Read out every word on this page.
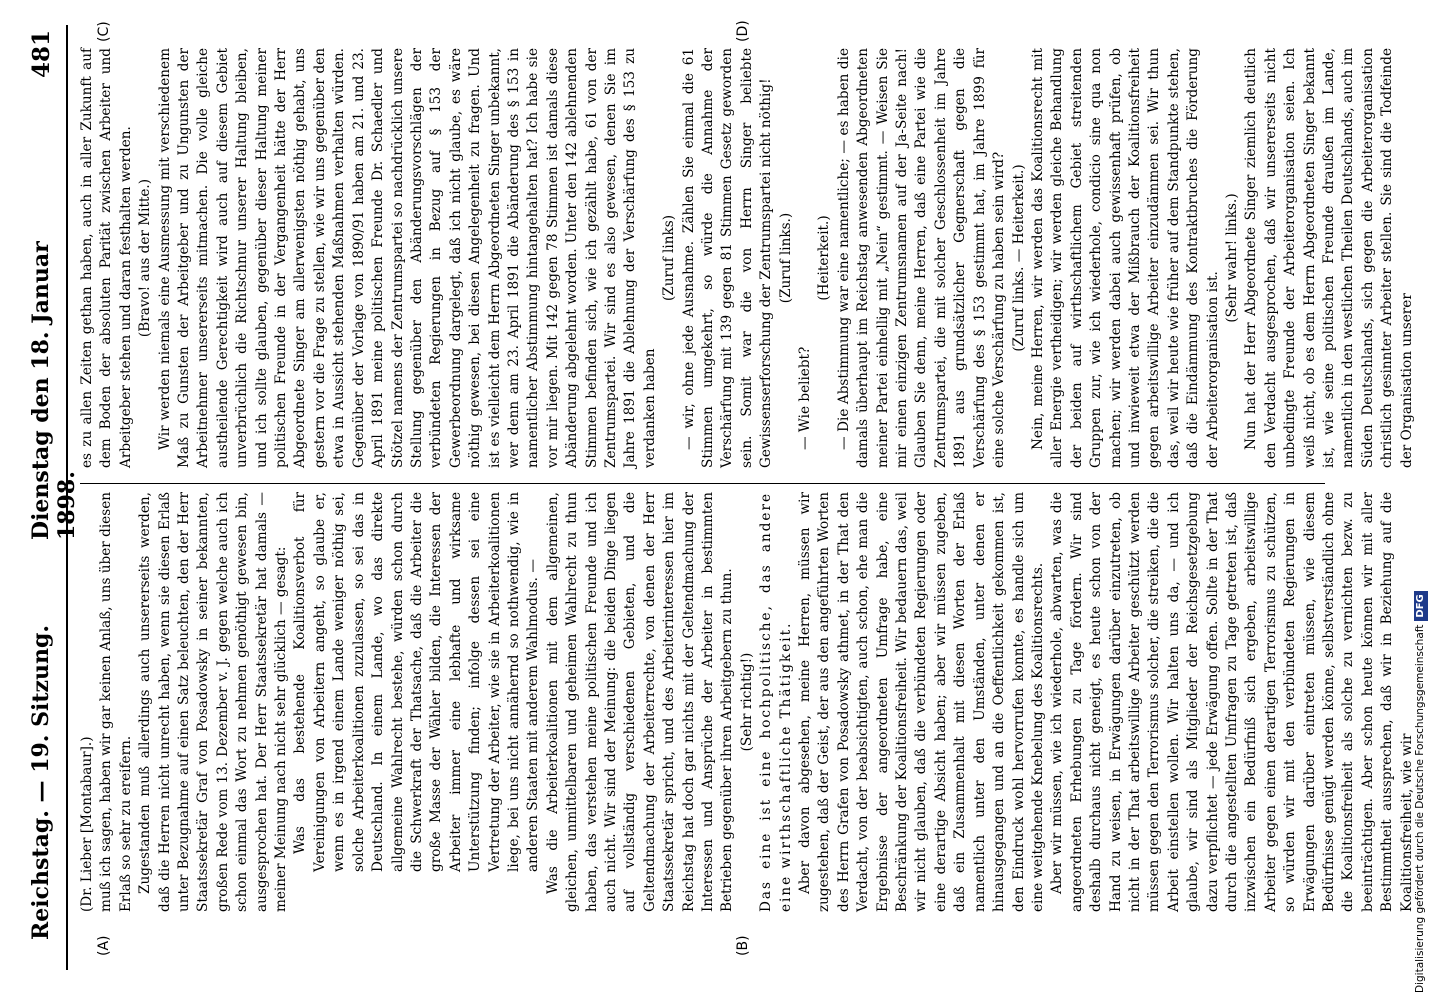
Reichstag. — 19. Sitzung.
Dienstag den 18. Januar 1898.
481
(A)	(B)
(C)	(D)

(Dr. Lieber [Montabaur].) muß ich sagen, haben wir gar keinen Anlaß, uns über diesen Erlaß so sehr zu ereifern. Zugestanden muß allerdings auch unsererseits werden, daß die Herren nicht unrecht haben, wenn sie diesen Erlaß unter Bezugnahme auf einen Satz beleuchten, den der Herr Staatssekretär Graf von Posadowsky in seiner bekannten, großen Rede vom 13. Dezember v. J. gegen welche auch ich schon einmal das Wort zu nehmen genöthigt gewesen bin, ausgesprochen hat. Der Herr Staatssekretär hat damals — meiner Meinung nach nicht sehr glücklich — gesagt: Was das bestehende Koalitionsverbot für Vereinigungen von Arbeitern angeht, so glaube er, wenn es in irgend einem Lande weniger nöthig sei, solche Arbeiterkoalitionen zuzulassen, so sei das in Deutschland. In einem Lande, wo das direkte allgemeine Wahlrecht bestehe, würden schon durch die Schwerkraft der Thatsache, daß die Arbeiter die große Masse der Wähler bilden, die Interessen der Arbeiter immer eine lebhafte und wirksame Unterstützung finden; infolge dessen sei eine Vertretung der Arbeiter, wie sie in Arbeiterkoalitionen liege, bei uns nicht annähernd so nothwendig, wie in anderen Staaten mit anderem Wahlmodus. — Was die Arbeiterkoalitionen mit dem allgemeinen, gleichen, unmittelbaren und geheimen Wahlrecht zu thun haben, das verstehen meine politischen Freunde und ich auch nicht. Wir sind der Meinung: die beiden Dinge liegen auf vollständig verschiedenen Gebieten, und die Geltendmachung der Arbeiterrechte, von denen der Herr Staatssekretär spricht, und des Arbeiterinteressen hier im Reichstag hat doch gar nichts mit der Geltendmachung der Interessen und Ansprüche der Arbeiter in bestimmten Betrieben gegenüber ihren Arbeitgebern zu thun. (Sehr richtig!) Das eine ist eine hochpolitische, das andere eine wirthschaftliche Thätigkeit. Aber davon abgesehen, meine Herren, müssen wir zugestehen, daß der Geist, der aus den angeführten Worten des Herrn Grafen von Posadowsky athmet, in der That den Verdacht, von der beabsichtigten, auch schon, ehe man die Ergebnisse der angeordneten Umfrage habe, eine Beschränkung der Koalitionsfreiheit. Wir bedauern das, weil wir nicht glauben, daß die verbündeten Regierungen oder eine derartige Absicht haben; aber wir müssen zugeben, daß ein Zusammenhalt mit diesen Worten der Erlaß namentlich unter den Umständen, unter denen er hinausgegangen und an die Oeffentlichkeit gekommen ist, den Eindruck wohl hervorrufen konnte, es handle sich um eine weitgehende Knebelung des Koalitionsrechts. Aber wir müssen, wie ich wiederhole, abwarten, was die angeordneten Erhebungen zu Tage fördern. Wir sind deshalb durchaus nicht geneigt, es heute schon von der Hand zu weisen, in Erwägungen darüber einzutreten, ob nicht in der That arbeitswillige Arbeiter geschützt werden müssen gegen den Terrorismus solcher, die streiken, die die Arbeit einstellen wollen. Wir halten uns da, — und ich glaube, wir sind als Mitglieder der Reichsgesetzgebung dazu verpflichtet — jede Erwägung offen. Sollte in der That durch die angestellten Umfragen zu Tage getreten ist, daß inzwischen ein Bedürfniß sich ergeben, arbeitswillige Arbeiter gegen einen derartigen Terrorismus zu schützen, so würden wir mit den verbündeten Regierungen in Erwägungen darüber eintreten müssen, wie diesem Bedürfnisse genügt werden könne, selbstverständlich ohne die Koalitionsfreiheit als solche zu vernichten bezw. zu beeinträchtigen. Aber schon heute können wir mit aller Bestimmtheit aussprechen, daß wir in Beziehung auf die Koalitionsfreiheit, wie wir

es zu allen Zeiten gethan haben, auch in aller Zukunft auf dem Boden der absoluten Parität zwischen Arbeiter und Arbeitgeber stehen und daran festhalten werden. (Bravo! aus der Mitte.) Wir werden niemals eine Ausmessung mit verschiedenem Maß zu Gunsten der Arbeitgeber und zu Ungunsten der Arbeitnehmer unsererseits mitmachen. Die volle gleiche austheilende Gerechtigkeit wird auch auf diesem Gebiet unverbrüchlich die Richtschnur unserer Haltung bleiben, und ich sollte glauben, gegenüber dieser Haltung meiner politischen Freunde in der Vergangenheit hätte der Herr Abgeordnete Singer am allerwenigsten nöthig gehabt, uns gestern vor die Frage zu stellen, wie wir uns gegenüber den etwa in Aussicht stehenden Maßnahmen verhalten würden. Gegenüber der Vorlage von 1890/91 haben am 21. und 23. April 1891 meine politischen Freunde Dr. Schaedler und Stötzel namens der Zentrumspartei so nachdrücklich unsere Stellung gegenüber den Abänderungsvorschlägen der verbündeten Regierungen in Bezug auf § 153 der Gewerbeordnung dargelegt, daß ich nicht glaube, es wäre nöthig gewesen, bei diesen Angelegenheit zu fragen. Und ist es vielleicht dem Herrn Abgeordneten Singer unbekannt, wer denn am 23. April 1891 die Abänderung des § 153 in namentlicher Abstimmung hintangehalten hat? Ich habe sie vor mir liegen. Mit 142 gegen 78 Stimmen ist damals diese Abänderung abgelehnt worden. Unter den 142 ablehnenden Stimmen befinden sich, wie ich gezählt habe, 61 von der Zentrumspartei. Wir sind es also gewesen, denen Sie im Jahre 1891 die Ablehnung der Verschärfung des § 153 zu verdanken haben

(Zuruf links) — wir, ohne jede Ausnahme. Zählen Sie einmal die 61 Stimmen umgekehrt, so würde die Annahme der Verschärfung mit 139 gegen 81 Stimmen Gesetz geworden sein. Somit war die von Herrn Singer beliebte Gewissenserforschung der Zentrumspartei nicht nöthig! (Zuruf links.)

— Wie beliebt?

(Heiterkeit.) — Die Abstimmung war eine namentliche; — es haben die damals überhaupt im Reichstag anwesenden Abgeordneten meiner Partei einhellig mit „Nein“ gestimmt. — Weisen Sie mir einen einzigen Zentrumsnamen auf der Ja-Seite nach! Glauben Sie denn, meine Herren, daß eine Partei wie die Zentrumspartei, die mit solcher Geschlossenheit im Jahre 1891 aus grundsätzlicher Gegnerschaft gegen die Verschärfung des § 153 gestimmt hat, im Jahre 1899 für eine solche Verschärfung zu haben sein wird? (Zuruf links. — Heiterkeit.) Nein, meine Herren, wir werden das Koalitionsrecht mit aller Energie vertheidigen; wir werden gleiche Behandlung der beiden auf wirthschaftlichem Gebiet streitenden Gruppen zur, wie ich wiederhole, condicio sine qua non machen; wir werden dabei auch gewissenhaft prüfen, ob und inwieweit etwa der Mißbrauch der Koalitionsfreiheit gegen arbeitswillige Arbeiter einzudämmen sei. Wir thun das, weil wir heute wie früher auf dem Standpunkte stehen, daß die Eindämmung des Kontraktbruches die Förderung der Arbeiterorganisation ist.

(Sehr wahr! links.) Nun hat der Herr Abgeordnete Singer ziemlich deutlich den Verdacht ausgesprochen, daß wir unsererseits nicht unbedingte Freunde der Arbeiterorganisation seien. Ich weiß nicht, ob es dem Herrn Abgeordneten Singer bekannt ist, wie seine politischen Freunde draußen im Lande, namentlich in den westlichen Theilen Deutschlands, auch im Süden Deutschlands, sich gegen die Arbeiterorganisation christlich gesinnter Arbeiter stellen. Sie sind die Todfeinde der Organisation unserer

Digitalisierung gefördert durch die Deutsche ForschungsgemeinschaftDFG
